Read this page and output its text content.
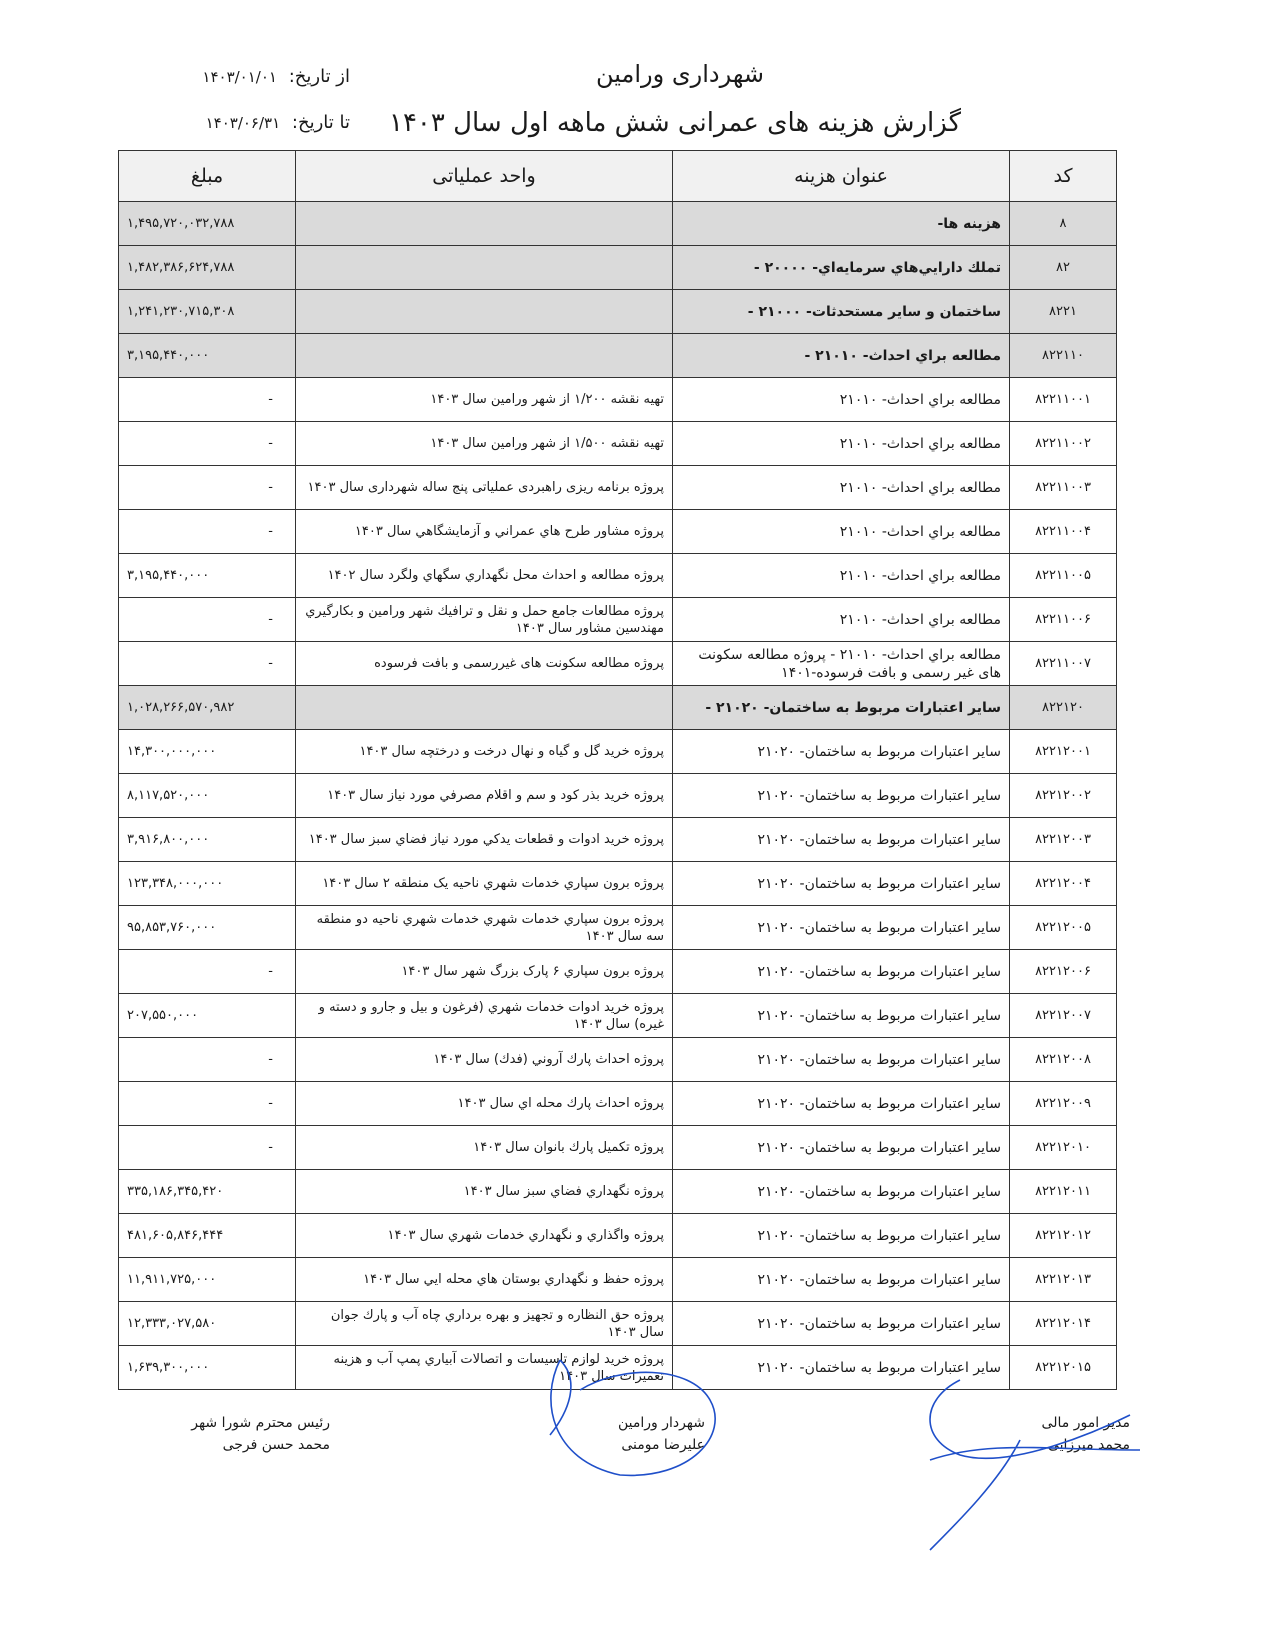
شهرداری ورامین
گزارش هزینه های عمرانی شش ماهه اول سال ۱۴۰۳
از تاریخ: ۱۴۰۳/۰۱/۰۱
تا تاریخ: ۱۴۰۳/۰۶/۳۱
کد	عنوان هزینه	واحد عملیاتی	مبلغ
۸	هزینه ها-		۱,۴۹۵,۷۲۰,۰۳۲,۷۸۸
۸۲	تملك دارايي‌هاي سرمايه‌اي- ۲۰۰۰۰ -		۱,۴۸۲,۳۸۶,۶۲۴,۷۸۸
۸۲۲۱	ساختمان و ساير مستحدثات- ۲۱۰۰۰ -		۱,۲۴۱,۲۳۰,۷۱۵,۳۰۸
۸۲۲۱۱۰	مطالعه براي احداث- ۲۱۰۱۰ -		۳,۱۹۵,۴۴۰,۰۰۰
۸۲۲۱۱۰۰۱	مطالعه براي احداث- ۲۱۰۱۰	تهیه نقشه ۱/۲۰۰ از شهر ورامین سال ۱۴۰۳	-
۸۲۲۱۱۰۰۲	مطالعه براي احداث- ۲۱۰۱۰	تهیه نقشه ۱/۵۰۰ از شهر ورامین سال ۱۴۰۳	-
۸۲۲۱۱۰۰۳	مطالعه براي احداث- ۲۱۰۱۰	پروژه برنامه ریزی راهبردی عملیاتی پنج ساله شهرداری سال ۱۴۰۳	-
۸۲۲۱۱۰۰۴	مطالعه براي احداث- ۲۱۰۱۰	پروژه مشاور طرح هاي عمراني و آزمايشگاهي سال ۱۴۰۳	-
۸۲۲۱۱۰۰۵	مطالعه براي احداث- ۲۱۰۱۰	پروژه مطالعه و احداث محل نگهداري سگهاي ولگرد سال ۱۴۰۲	۳,۱۹۵,۴۴۰,۰۰۰
۸۲۲۱۱۰۰۶	مطالعه براي احداث- ۲۱۰۱۰	پروژه مطالعات جامع حمل و نقل و ترافيك شهر ورامين و بكارگيري مهندسين مشاور سال ۱۴۰۳	-
۸۲۲۱۱۰۰۷	مطالعه براي احداث- ۲۱۰۱۰ - پروژه مطالعه سکونت های غیر رسمی و بافت فرسوده-۱۴۰۱	پروژه مطالعه سکونت های غیررسمی و بافت فرسوده	-
۸۲۲۱۲۰	ساير اعتبارات مربوط به ساختمان- ۲۱۰۲۰ -		۱,۰۲۸,۲۶۶,۵۷۰,۹۸۲
۸۲۲۱۲۰۰۱	ساير اعتبارات مربوط به ساختمان- ۲۱۰۲۰	پروژه خريد گل و گياه و نهال درخت و درختچه سال ۱۴۰۳	۱۴,۳۰۰,۰۰۰,۰۰۰
۸۲۲۱۲۰۰۲	ساير اعتبارات مربوط به ساختمان- ۲۱۰۲۰	پروژه خريد بذر كود و سم و اقلام مصرفي مورد نياز سال ۱۴۰۳	۸,۱۱۷,۵۲۰,۰۰۰
۸۲۲۱۲۰۰۳	ساير اعتبارات مربوط به ساختمان- ۲۱۰۲۰	پروژه خريد ادوات و قطعات يدكي مورد نياز فضاي سبز سال ۱۴۰۳	۳,۹۱۶,۸۰۰,۰۰۰
۸۲۲۱۲۰۰۴	ساير اعتبارات مربوط به ساختمان- ۲۱۰۲۰	پروژه برون سپاري خدمات شهري ناحيه يک منطقه ۲ سال ۱۴۰۳	۱۲۳,۳۴۸,۰۰۰,۰۰۰
۸۲۲۱۲۰۰۵	ساير اعتبارات مربوط به ساختمان- ۲۱۰۲۰	پروژه برون سپاري خدمات شهري خدمات شهري ناحيه دو منطقه سه سال ۱۴۰۳	۹۵,۸۵۳,۷۶۰,۰۰۰
۸۲۲۱۲۰۰۶	ساير اعتبارات مربوط به ساختمان- ۲۱۰۲۰	پروژه برون سپاري ۶ پارک بزرگ شهر سال ۱۴۰۳	-
۸۲۲۱۲۰۰۷	ساير اعتبارات مربوط به ساختمان- ۲۱۰۲۰	پروژه خريد ادوات خدمات شهري (فرغون و بيل و جارو و دسته و غيره) سال ۱۴۰۳	۲۰۷,۵۵۰,۰۰۰
۸۲۲۱۲۰۰۸	ساير اعتبارات مربوط به ساختمان- ۲۱۰۲۰	پروژه احداث پارك آروني (فدك) سال ۱۴۰۳	-
۸۲۲۱۲۰۰۹	ساير اعتبارات مربوط به ساختمان- ۲۱۰۲۰	پروژه احداث پارك محله اي سال ۱۴۰۳	-
۸۲۲۱۲۰۱۰	ساير اعتبارات مربوط به ساختمان- ۲۱۰۲۰	پروژه تكميل پارك بانوان سال ۱۴۰۳	-
۸۲۲۱۲۰۱۱	ساير اعتبارات مربوط به ساختمان- ۲۱۰۲۰	پروژه نگهداري فضاي سبز سال ۱۴۰۳	۳۳۵,۱۸۶,۳۴۵,۴۲۰
۸۲۲۱۲۰۱۲	ساير اعتبارات مربوط به ساختمان- ۲۱۰۲۰	پروژه واگذاري و نگهداري خدمات شهري سال ۱۴۰۳	۴۸۱,۶۰۵,۸۴۶,۴۴۴
۸۲۲۱۲۰۱۳	ساير اعتبارات مربوط به ساختمان- ۲۱۰۲۰	پروژه حفظ و نگهداري بوستان هاي محله ايي سال ۱۴۰۳	۱۱,۹۱۱,۷۲۵,۰۰۰
۸۲۲۱۲۰۱۴	ساير اعتبارات مربوط به ساختمان- ۲۱۰۲۰	پروژه حق النظاره و تجهيز و بهره برداري چاه آب و پارك جوان سال ۱۴۰۳	۱۲,۳۳۳,۰۲۷,۵۸۰
۸۲۲۱۲۰۱۵	ساير اعتبارات مربوط به ساختمان- ۲۱۰۲۰	پروژه خريد لوازم تاسيسات و اتصالات آبياري پمپ آب و هزينه تعميرات سال ۱۴۰۳	۱,۶۳۹,۳۰۰,۰۰۰
مدیر امور مالی
محمد میرزایی
شهردار ورامین
علیرضا مومنی
رئیس محترم شورا شهر
محمد حسن فرجی
